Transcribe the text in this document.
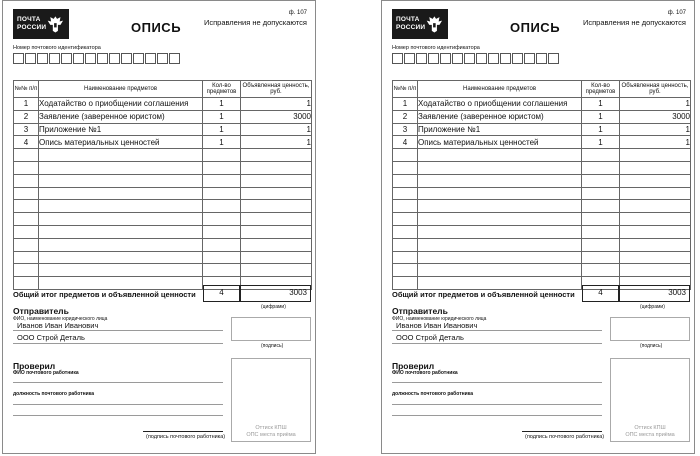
ПОЧТА
РОССИИ	ОПИСЬ
ф. 107
Исправления не допускаются
Номер почтового идентификатора
№№ п/п	Наименование предметов	Кол-во предметов	Объявленная ценность, руб.
1	Ходатайство о приобщении соглашения	1	1
2	Заявление (заверенное юристом)	1	3000
3	Приложение №1	1	1
4	Опись материальных ценностей	1	1

Общий итог предметов и объявленной ценности	4	3003
(цифрами)
Отправитель
ФИО, наименование юридического лица
Иванов Иван Иванович
ООО Строй Деталь
(подпись)
Проверил
ФИО почтового работника
должность почтового работника
Оттиск КПШ
ОПС места приёма
(подпись почтового работника)
ПОЧТА
РОССИИ	ОПИСЬ
ф. 107
Исправления не допускаются
Номер почтового идентификатора
№№ п/п	Наименование предметов	Кол-во предметов	Объявленная ценность, руб.
1	Ходатайство о приобщении соглашения	1	1
2	Заявление (заверенное юристом)	1	3000
3	Приложение №1	1	1
4	Опись материальных ценностей	1	1

Общий итог предметов и объявленной ценности	4	3003
(цифрами)
Отправитель
ФИО, наименование юридического лица
Иванов Иван Иванович
ООО Строй Деталь
(подпись)
Проверил
ФИО почтового работника
должность почтового работника
Оттиск КПШ
ОПС места приёма
(подпись почтового работника)
